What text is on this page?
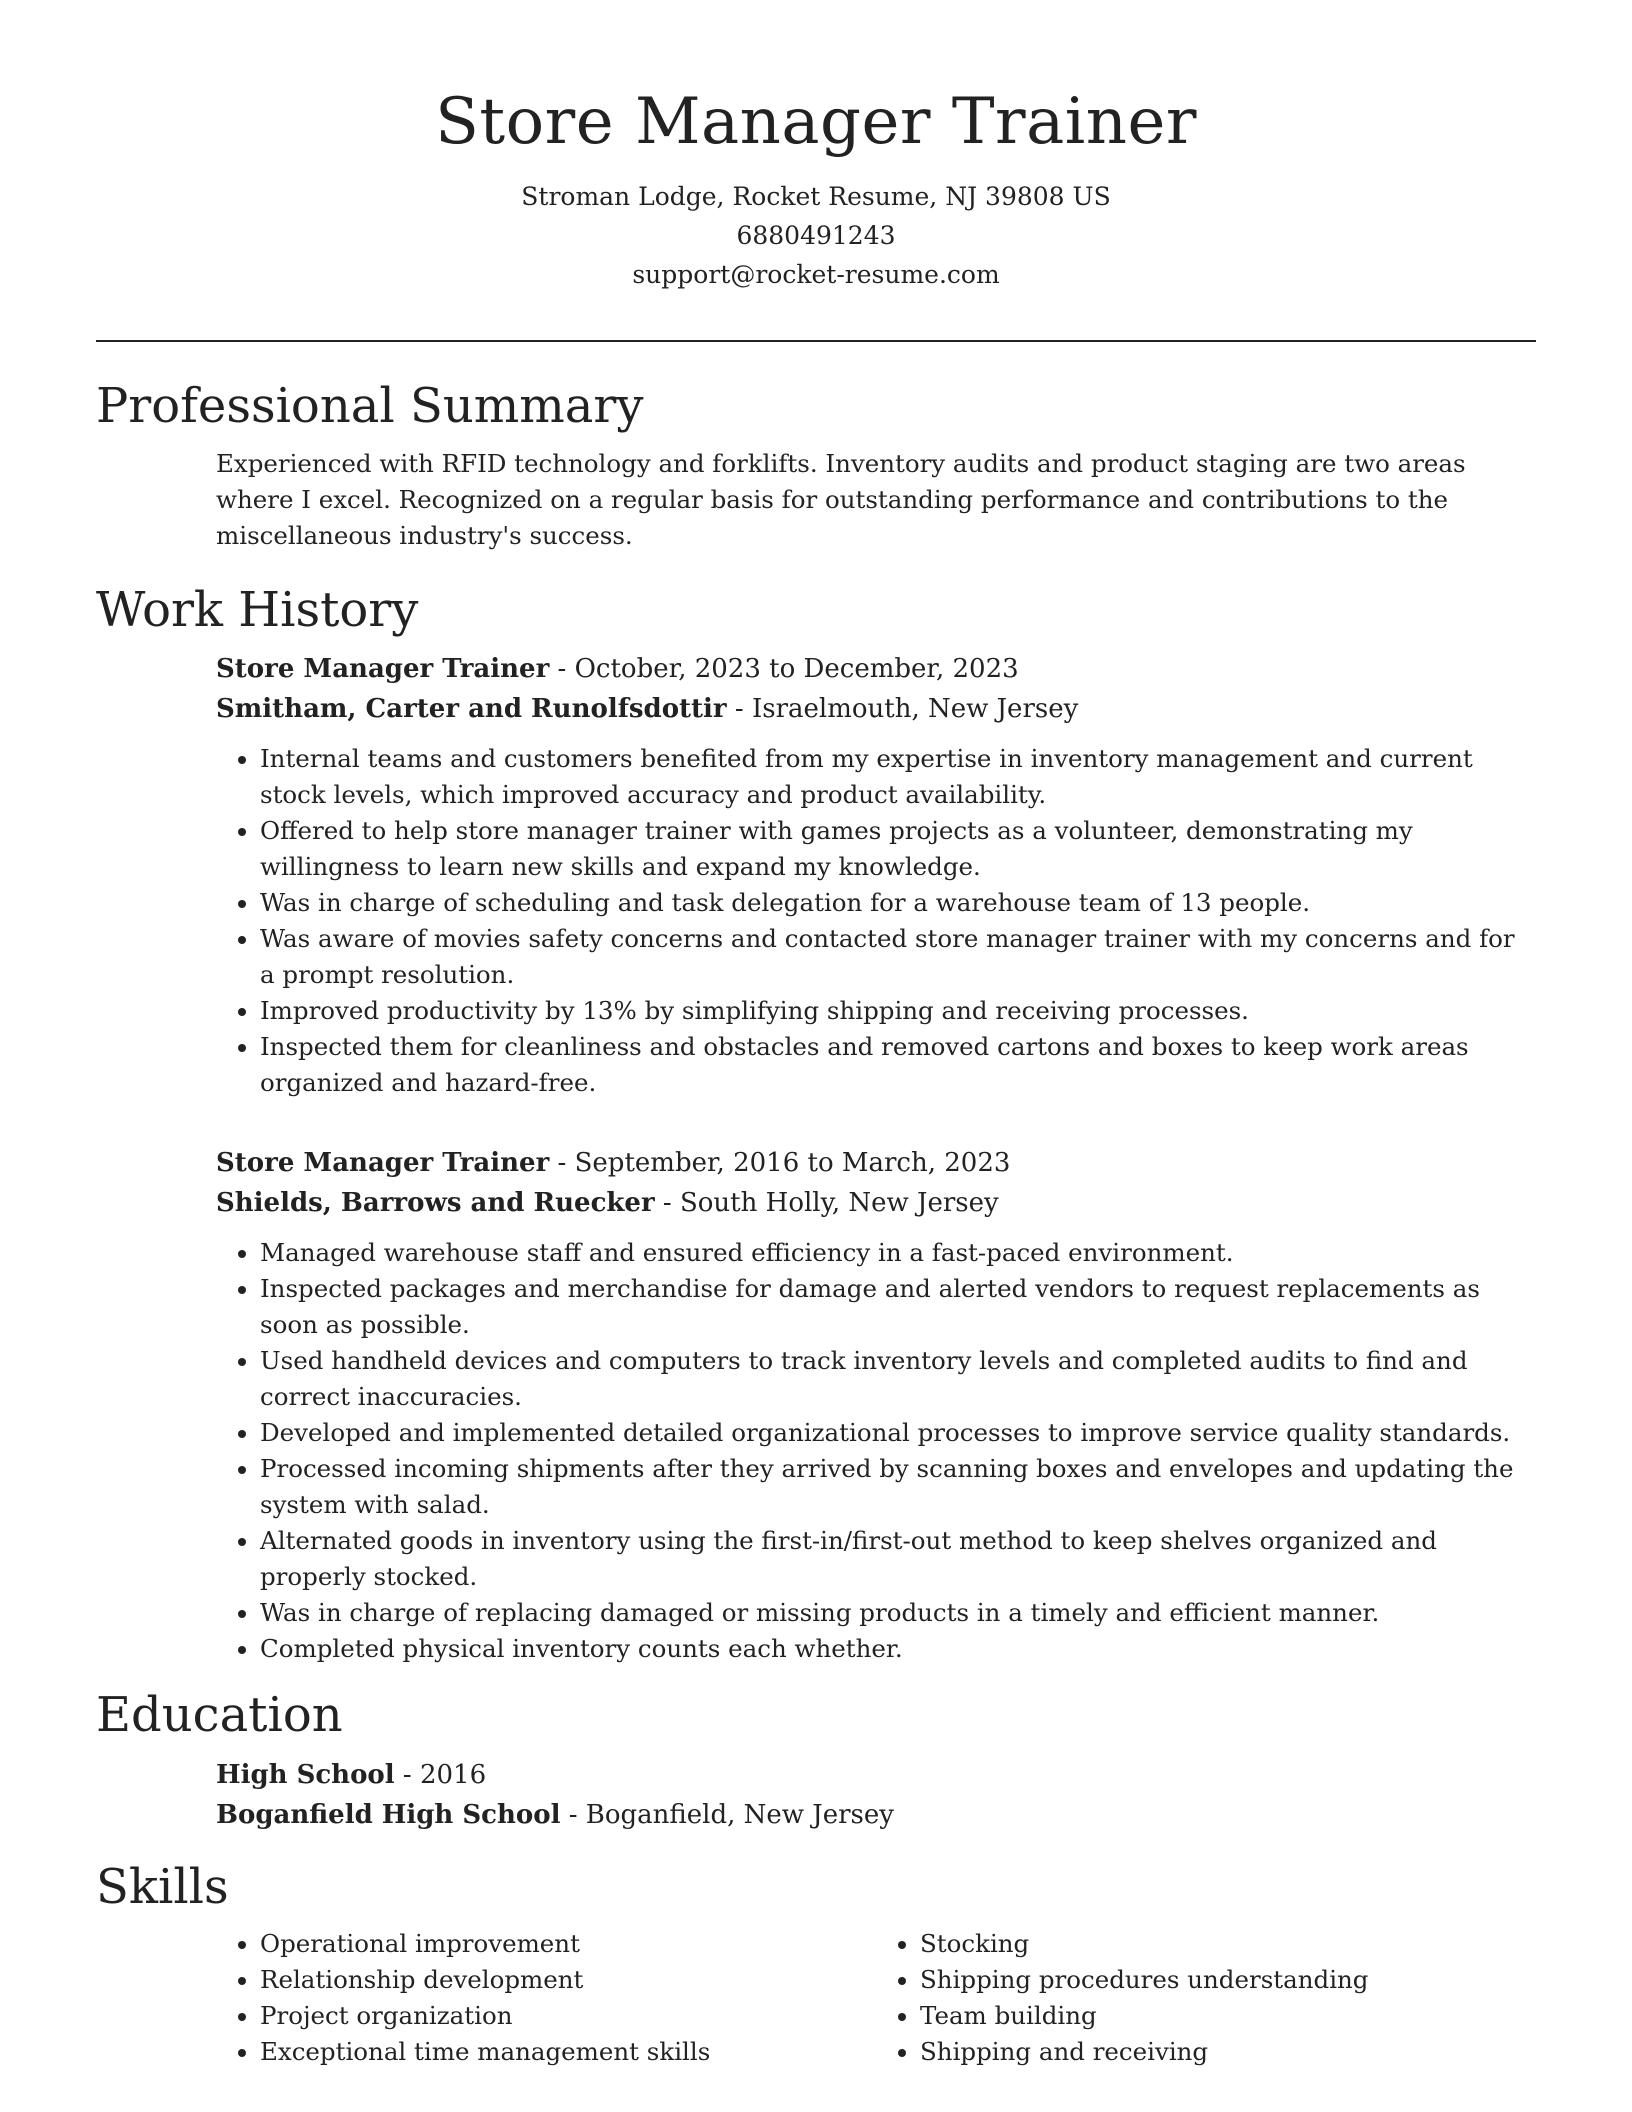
Store Manager Trainer
Stroman Lodge, Rocket Resume, NJ 39808 US
6880491243
support@rocket-resume.com
Professional Summary
Experienced with RFID technology and forklifts. Inventory audits and product staging are two areas where I excel. Recognized on a regular basis for outstanding performance and contributions to the miscellaneous industry's success.
Work History
Store Manager Trainer - October, 2023 to December, 2023
Smitham, Carter and Runolfsdottir - Israelmouth, New Jersey
• Internal teams and customers benefited from my expertise in inventory management and current stock levels, which improved accuracy and product availability.
• Offered to help store manager trainer with games projects as a volunteer, demonstrating my willingness to learn new skills and expand my knowledge.
• Was in charge of scheduling and task delegation for a warehouse team of 13 people.
• Was aware of movies safety concerns and contacted store manager trainer with my concerns and for a prompt resolution.
• Improved productivity by 13% by simplifying shipping and receiving processes.
• Inspected them for cleanliness and obstacles and removed cartons and boxes to keep work areas organized and hazard-free.
Store Manager Trainer - September, 2016 to March, 2023
Shields, Barrows and Ruecker - South Holly, New Jersey
• Managed warehouse staff and ensured efficiency in a fast-paced environment.
• Inspected packages and merchandise for damage and alerted vendors to request replacements as soon as possible.
• Used handheld devices and computers to track inventory levels and completed audits to find and correct inaccuracies.
• Developed and implemented detailed organizational processes to improve service quality standards.
• Processed incoming shipments after they arrived by scanning boxes and envelopes and updating the system with salad.
• Alternated goods in inventory using the first-in/first-out method to keep shelves organized and properly stocked.
• Was in charge of replacing damaged or missing products in a timely and efficient manner.
• Completed physical inventory counts each whether.
Education
High School - 2016
Boganfield High School - Boganfield, New Jersey
Skills
• Operational improvement
• Relationship development
• Project organization
• Exceptional time management skills
• Stocking
• Shipping procedures understanding
• Team building
• Shipping and receiving
